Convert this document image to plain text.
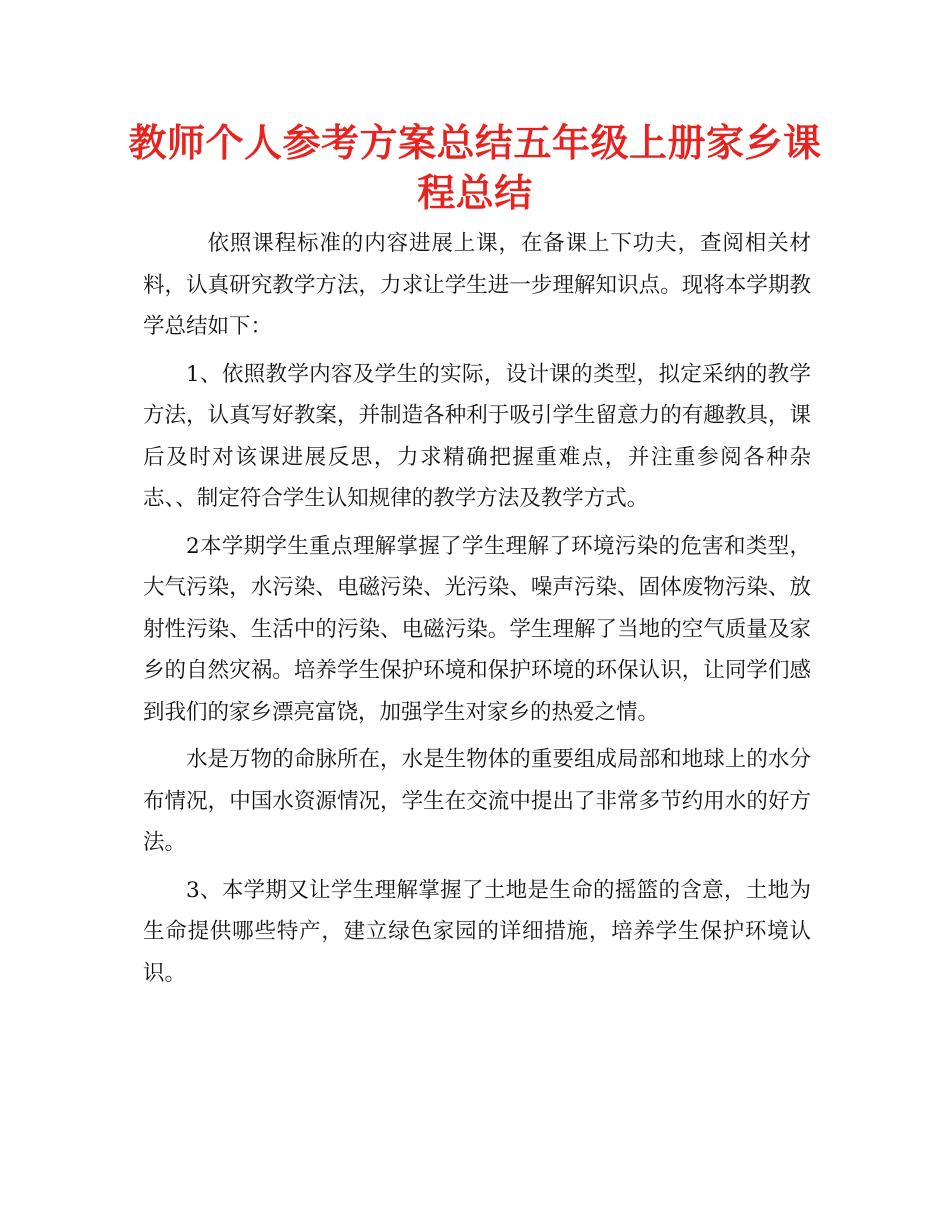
教师个人参考方案总结五年级上册家乡课程总结

依照课程标准的内容进展上课，在备课上下功夫，查阅相关材料，认真研究教学方法，力求让学生进一步理解知识点。现将本学期教学总结如下：

1、依照教学内容及学生的实际，设计课的类型，拟定采纳的教学方法，认真写好教案，并制造各种利于吸引学生留意力的有趣教具，课后及时对该课进展反思，力求精确把握重难点，并注重参阅各种杂志、、制定符合学生认知规律的教学方法及教学方式。

2本学期学生重点理解掌握了学生理解了环境污染的危害和类型，大气污染，水污染、电磁污染、光污染、噪声污染、固体废物污染、放射性污染、生活中的污染、电磁污染。学生理解了当地的空气质量及家乡的自然灾祸。培养学生保护环境和保护环境的环保认识，让同学们感到我们的家乡漂亮富饶，加强学生对家乡的热爱之情。

水是万物的命脉所在，水是生物体的重要组成局部和地球上的水分布情况，中国水资源情况，学生在交流中提出了非常多节约用水的好方法。

3、本学期又让学生理解掌握了土地是生命的摇篮的含意，土地为生命提供哪些特产，建立绿色家园的详细措施，培养学生保护环境认识。
